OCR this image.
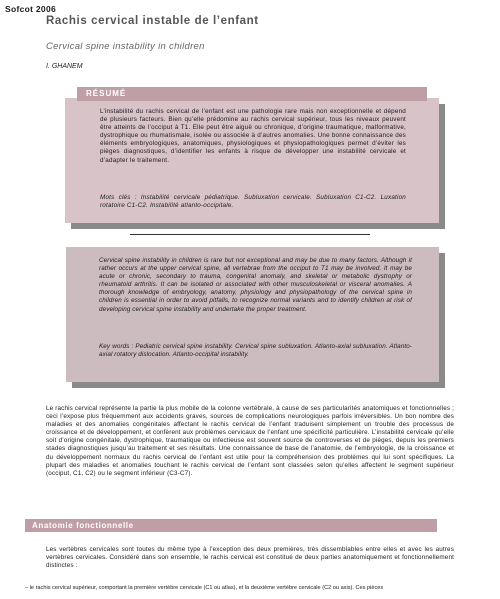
Sofcot 2006
Rachis cervical instable de l’enfant
Cervical spine instability in children
I. GHANEM
RÉSUMÉ
L’instabilité du rachis cervical de l’enfant est une pathologie rare mais non exceptionnelle et dépend de plusieurs facteurs. Bien qu’elle prédomine au rachis cervical supérieur, tous les niveaux peuvent être atteints de l’occiput à T1. Elle peut être aiguë ou chronique, d’origine traumatique, malformative, dystrophique ou rhumatismale, isolée ou associée à d’autres anomalies. Une bonne connaissance des éléments embryologiques, anatomiques, physiologiques et physiopathologiques permet d’éviter les pièges diagnostiques, d’identifier les enfants à risque de développer une instabilité cervicale et d’adapter le traitement.
Mots clés : Instabilité cervicale pédiatrique. Subluxation cervicale. Subluxation C1-C2. Luxation rotatoire C1-C2. Instabilité atlanto-occipitale.
Cervical spine instability in children is rare but not exceptional and may be due to many factors. Although it rather occurs at the upper cervical spine, all vertebrae from the occiput to T1 may be involved. It may be acute or chronic, secondary to trauma, congenital anomaly, and skeletal or metabolic dystrophy or rheumatoid arthritis. It can be isolated or associated with other musculoskeletal or visceral anomalies. A thorough knowledge of embryology, anatomy, physiology and physiopathology of the cervical spine in children is essential in order to avoid pitfalls, to recognize normal variants and to identify children at risk of developing cervical spine instability and undertake the proper treatment.
Key words : Pediatric cervical spine instability. Cervical spine subluxation. Atlanto-axial subluxation. Atlanto-axial rotatory dislocation. Atlanto-occipital instability.
Le rachis cervical représente la partie la plus mobile de la colonne vertébrale, à cause de ses particularités anatomiques et fonctionnelles ; ceci l’expose plus fréquemment aux accidents graves, sources de complications neurologiques parfois irréversibles. Un bon nombre des maladies et des anomalies congénitales affectant le rachis cervical de l’enfant traduisent simplement un trouble des processus de croissance et de développement, et confèrent aux problèmes cervicaux de l’enfant une spécificité particulière. L’instabilité cervicale qu’elle soit d’origine congénitale, dystrophique, traumatique ou infectieuse est souvent source de controverses et de pièges, depuis les premiers stades diagnostiques jusqu’au traitement et ses résultats. Une connaissance de base de l’anatomie, de l’embryologie, de la croissance et du développement normaux du rachis cervical de l’enfant est utile pour la compréhension des problèmes qui lui sont spécifiques. La plupart des maladies et anomalies touchant le rachis cervical de l’enfant sont classées selon qu’elles affectent le segment supérieur (occiput, C1, C2) ou le segment inférieur (C3-C7).
Anatomie fonctionnelle
Les vertèbres cervicales sont toutes du même type à l’exception des deux premières, très dissemblables entre elles et avec les autres vertèbres cervicales. Considéré dans son ensemble, le rachis cervical est constitué de deux parties anatomiquement et fonctionnellement distinctes :
– le rachis cervical supérieur, comportant la première vertèbre cervicale (C1 ou atlas), et la deuxième vertèbre cervicale (C2 ou axis). Ces pièces
